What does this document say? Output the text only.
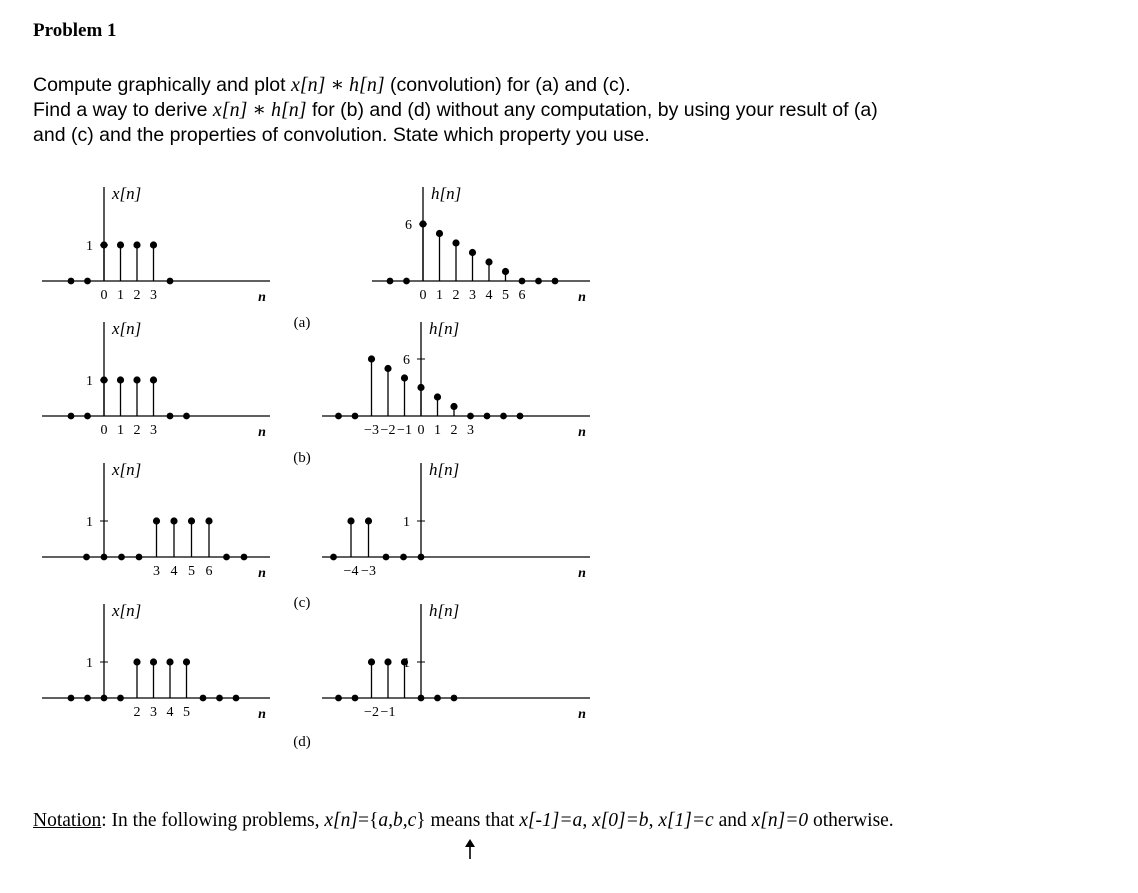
Problem 1
Compute graphically and plot x[n] ∗ h[n] (convolution) for (a) and (c).
Find a way to derive x[n] ∗ h[n] for (b) and (d) without any computation, by using your result of (a)
and (c) and the properties of convolution. State which property you use.
1
x[n]
n
0 1 2 3
6
h[n]
n
0 1 2 3 4 5 6
(a)
1
x[n]
n
0 1 2 3
6
h[n]
n
−3 −2 −1 0 1 2 3
(b)
1
x[n]
n
3 4 5 6
1
h[n]
n
−4 −3
(c)
1
x[n]
n
2 3 4 5
1
h[n]
n
−2 −1
(d)
Notation: In the following problems, x[n]={a,b,c} means that x[-1]=a, x[0]=b, x[1]=c and x[n]=0 otherwise.
